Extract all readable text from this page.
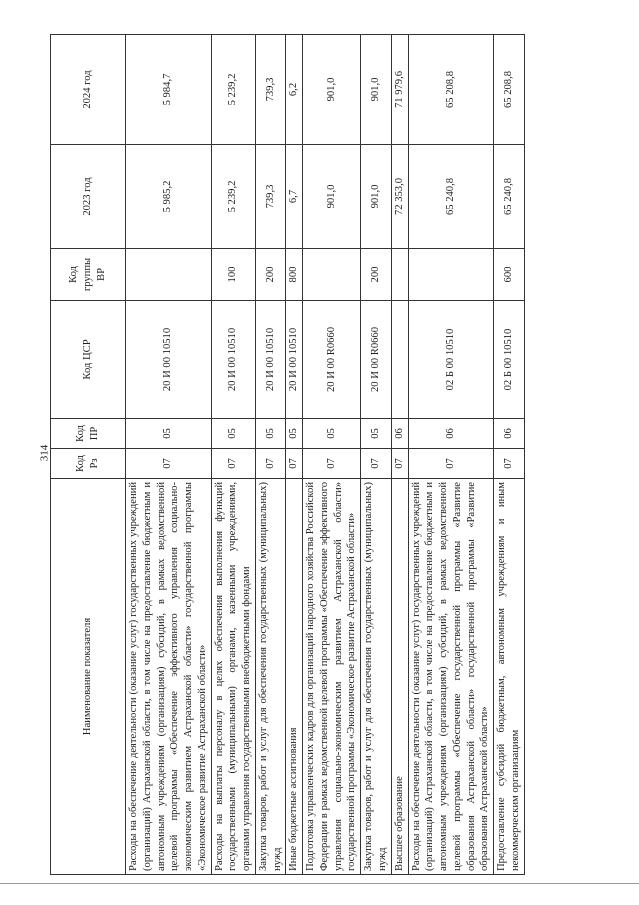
314
Наименование показателя	Код Рз	Код ПР	Код ЦСР	Код группы ВР	2023 год	2024 год
Расходы на обеспечение деятельности (оказание услуг) государственных учреждений (организаций) Астраханской области, в том числе на предоставление бюджетным и автономным учреждениям (организациям) субсидий, в рамках ведомственной целевой программы «Обеспечение эффективного управления социально-экономическим развитием Астраханской области» государственной программы «Экономическое развитие Астраханской области»	07	05	20 И 00 10510		5 985,2	5 984,7
Расходы на выплаты персоналу в целях обеспечения выполнения функций государственными (муниципальными) органами, казенными учреждениями, органами управления государственными внебюджетными фондами	07	05	20 И 00 10510	100	5 239,2	5 239,2
Закупка товаров, работ и услуг для обеспечения государственных (муниципальных) нужд	07	05	20 И 00 10510	200	739,3	739,3
Иные бюджетные ассигнования	07	05	20 И 00 10510	800	6,7	6,2
Подготовка управленческих кадров для организаций народного хозяйства Российской Федерации в рамках ведомственной целевой программы «Обеспечение эффективного управления социально-экономическим развитием Астраханской области» государственной программы «Экономическое развитие Астраханской области»	07	05	20 И 00 R0660		901,0	901,0
Закупка товаров, работ и услуг для обеспечения государственных (муниципальных) нужд	07	05	20 И 00 R0660	200	901,0	901,0
Высшее образование	07	06			72 353,0	71 979,6
Расходы на обеспечение деятельности (оказание услуг) государственных учреждений (организаций) Астраханской области, в том числе на предоставление бюджетным и автономным учреждениям (организациям) субсидий, в рамках ведомственной целевой программы «Обеспечение государственной программы «Развитие образования Астраханской области» государственной программы «Развитие образования Астраханской области»	07	06	02 Б 00 10510		65 240,8	65 208,8
Предоставление субсидий бюджетным, автономным учреждениям и иным некоммерческим организациям	07	06	02 Б 00 10510	600	65 240,8	65 208,8
